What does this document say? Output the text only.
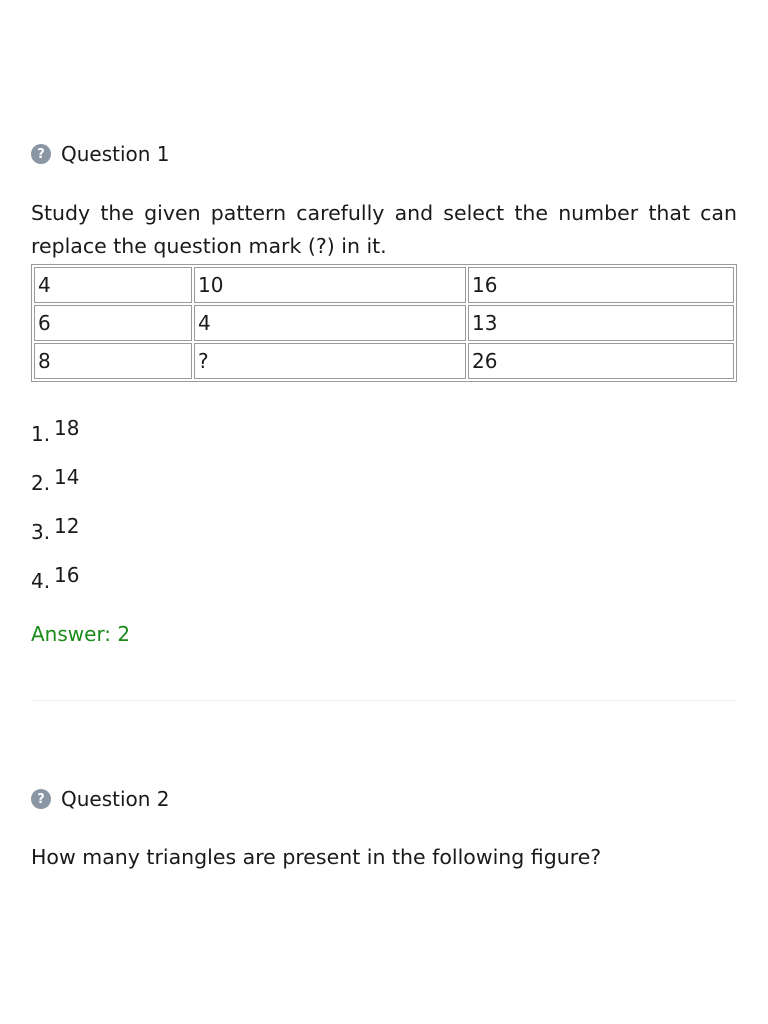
? Question 1
Study the given pattern carefully and select the number that can replace the question mark (?) in it.
4	10	16
6	4	13
8	?	26
1. 18
2. 14
3. 12
4. 16
Answer: 2
? Question 2
How many triangles are present in the following figure?
